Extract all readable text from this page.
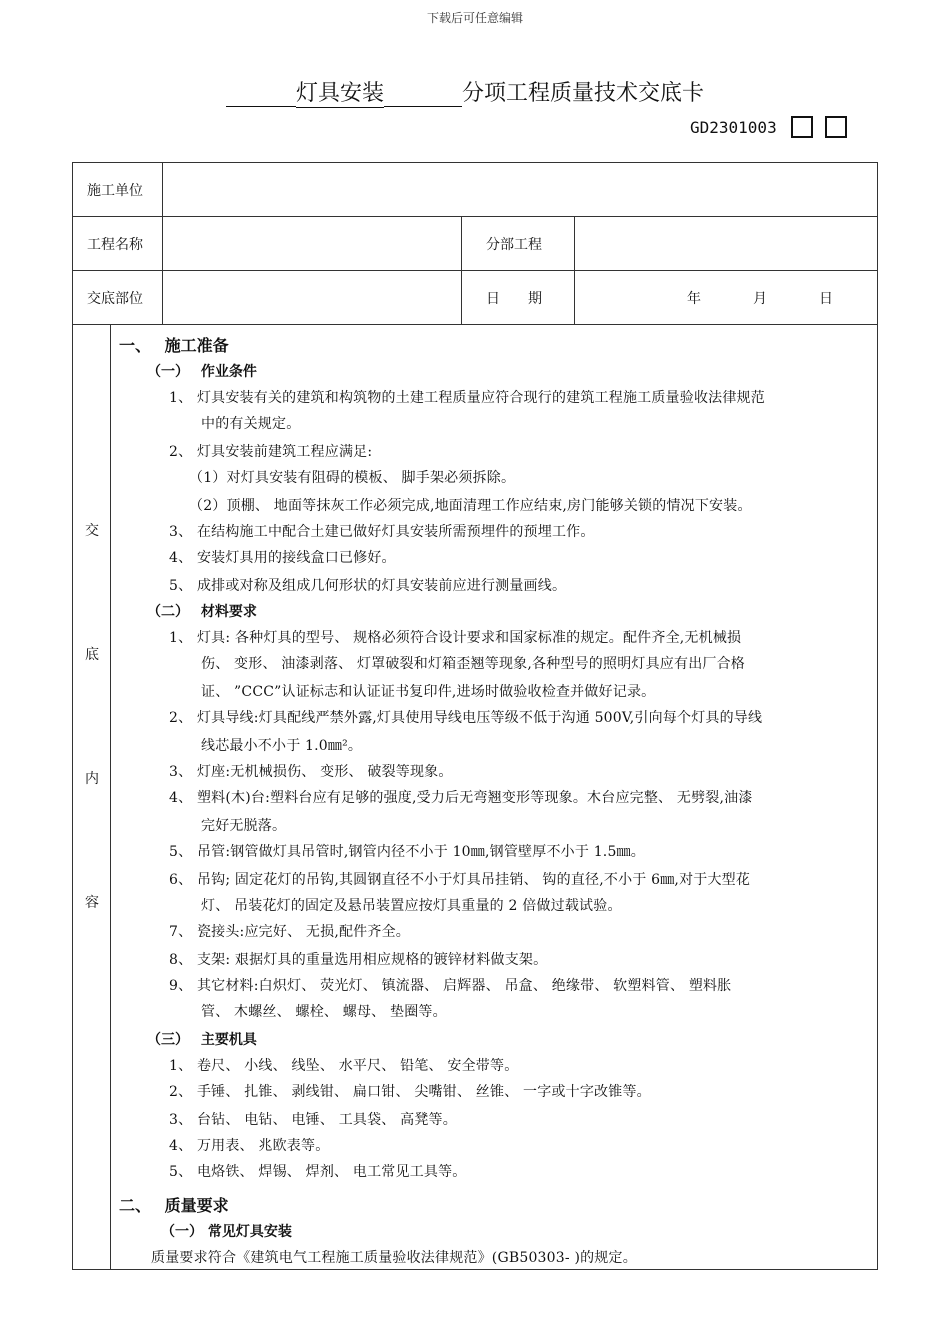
下载后可任意编辑
灯具安装	分项工程质量技术交底卡
GD2301003
施工单位			
工程名称		分部工程	
交底部位		日　　期	年 月 日
交
底
内
容
一、　 施工准备
（一）　 作业条件
1、 灯具安装有关的建筑和构筑物的土建工程质量应符合现行的建筑工程施工质量验收法律规范
中的有关规定。
2、 灯具安装前建筑工程应满足:
（1）对灯具安装有阻碍的模板、 脚手架必须拆除。
（2）顶棚、 地面等抹灰工作必须完成,地面清理工作应结束,房门能够关锁的情况下安装。
3、 在结构施工中配合土建已做好灯具安装所需预埋件的预埋工作。
4、 安装灯具用的接线盒口已修好。
5、 成排或对称及组成几何形状的灯具安装前应进行测量画线。
（二）　 材料要求
1、 灯具: 各种灯具的型号、 规格必须符合设计要求和国家标准的规定。配件齐全,无机械损
伤、 变形、 油漆剥落、 灯罩破裂和灯箱歪翘等现象,各种型号的照明灯具应有出厂合格
证、 ”CCC”认证标志和认证证书复印件,进场时做验收检查并做好记录。
2、 灯具导线:灯具配线严禁外露,灯具使用导线电压等级不低于沟通 500V,引向每个灯具的导线
线芯最小不小于 1.0㎜²。
3、 灯座:无机械损伤、 变形、 破裂等现象。
4、 塑料(木)台:塑料台应有足够的强度,受力后无弯翘变形等现象。木台应完整、 无劈裂,油漆
完好无脱落。
5、 吊管:钢管做灯具吊管时,钢管内径不小于 10㎜,钢管壁厚不小于 1.5㎜。
6、 吊钩; 固定花灯的吊钩,其圆钢直径不小于灯具吊挂销、 钩的直径,不小于 6㎜,对于大型花
灯、 吊装花灯的固定及悬吊装置应按灯具重量的 2 倍做过载试验。
7、 瓷接头:应完好、 无损,配件齐全。
8、 支架: 艰据灯具的重量选用相应规格的镀锌材料做支架。
9、 其它材料:白炽灯、 荧光灯、 镇流器、 启辉器、 吊盒、 绝缘带、 软塑料管、 塑料胀
管、 木螺丝、 螺栓、 螺母、 垫圈等。
（三）　 主要机具
1、 卷尺、 小线、 线坠、 水平尺、 铅笔、 安全带等。
2、 手锤、 扎锥、 剥线钳、 扁口钳、 尖嘴钳、 丝锥、 一字或十字改锥等。
3、 台钻、 电钻、 电锤、 工具袋、 高凳等。
4、 万用表、 兆欧表等。
5、 电烙铁、 焊锡、 焊剂、 电工常见工具等。
二、　 质量要求
（一） 常见灯具安装
质量要求符合《建筑电气工程施工质量验收法律规范》(GB50303- )的规定。
